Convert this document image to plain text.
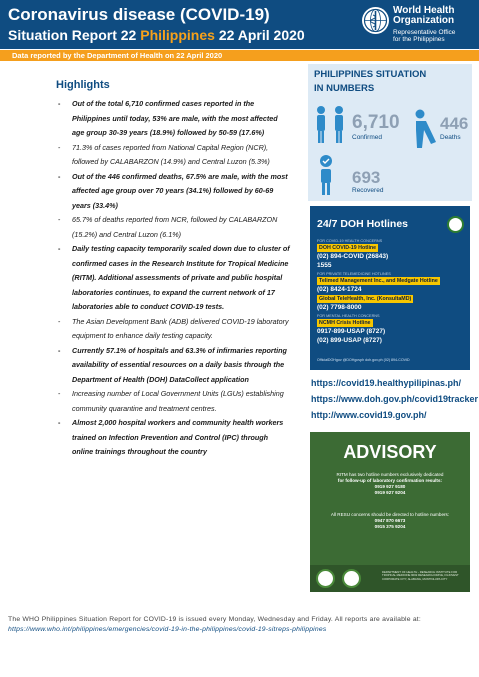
Coronavirus disease (COVID-19)
Situation Report 22 Philippines 22 April 2020
World Health
Organization
Representative Office
for the Philippines
Data reported by the Department of Health on 22 April 2020
Highlights
- Out of the total 6,710 confirmed cases reported in the Philippines until today, 53% are male, with the most affected age group 30-39 years (18.9%) followed by 50-59 (17.6%)
- 71.3% of cases reported from National Capital Region (NCR), followed by CALABARZON (14.9%) and Central Luzon (5.3%)
- Out of the 446 confirmed deaths, 67.5% are male, with the most affected age group over 70 years (34.1%) followed by 60-69 years (33.4%)
- 65.7% of deaths reported from NCR, followed by CALABARZON (15.2%) and Central Luzon (6.1%)
- Daily testing capacity temporarily scaled down due to cluster of confirmed cases in the Research Institute for Tropical Medicine (RITM). Additional assessments of private and public hospital laboratories continues, to expand the current network of 17 laboratories able to conduct COVID-19 tests.
- The Asian Development Bank (ADB) delivered COVID-19 laboratory equipment to enhance daily testing capacity.
- Currently 57.1% of hospitals and 63.3% of infirmaries reporting availability of essential resources on a daily basis through the Department of Health (DOH) DataCollect application
- Increasing number of Local Government Units (LGUs) establishing community quarantine and treatment centres.
- Almost 2,000 hospital workers and community health workers trained on Infection Prevention and Control (IPC) through online trainings throughout the country
PHILIPPINES SITUATION
IN NUMBERS
6,710
Confirmed
446
Deaths
693
Recovered
24/7 DOH Hotlines
FOR COVID-19 HEALTH CONCERNS
DOH COVID-19 Hotline
(02) 894-COVID (26843)
1555
FOR PRIVATE TELEMEDICINE HOTLINES
Telimed Management Inc., and Medgate Hotline
(02) 8424-1724
Global TeleHealth, Inc. (KonsultaMD)
(02) 7798-8000
FOR MENTAL HEALTH CONCERNS
NCMH Crisis Hotline
0917-899-USAP (8727)
(02) 899-USAP (8727)
OfficialDOHgov @DOHgovph doh.gov.ph (02) 894-COVID
https://covid19.healthypilipinas.ph/
https://www.doh.gov.ph/covid19tracker
http://www.covid19.gov.ph/
ADVISORY
RITM has two hotline numbers exclusively dedicated
for follow-up of laboratory confirmation results:
0919 927 9180
0919 927 9204
All RESU concerns should be directed to hotline numbers:
0947 870 6673
0915 375 9204
DEPARTMENT OF HEALTH - RESEARCH INSTITUTE FOR TROPICAL MEDICINE 9002 RESEARCH DRIVE, FILINVEST CORPORATE CITY, ALABANG, MUNTINLUPA CITY
The WHO Philippines Situation Report for COVID-19 is issued every Monday, Wednesday and Friday. All reports are available at: https://www.who.int/philippines/emergencies/covid-19-in-the-philippines/covid-19-sitreps-philippines
